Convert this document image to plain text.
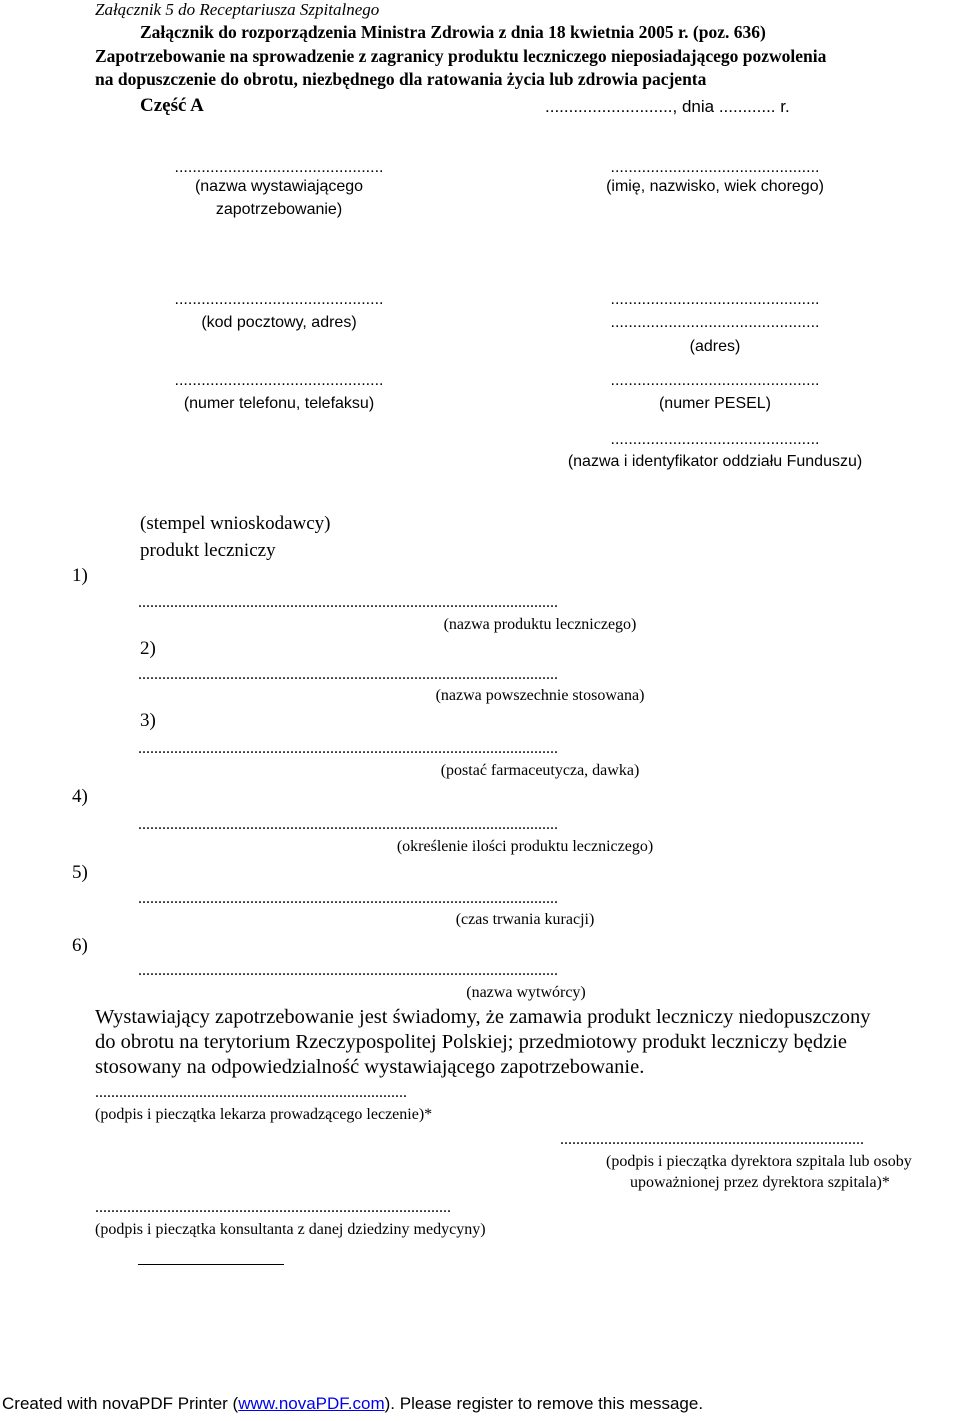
Załącznik 5 do Receptariusza Szpitalnego
Załącznik do rozporządzenia Ministra Zdrowia z dnia 18 kwietnia 2005 r. (poz. 636)
Zapotrzebowanie na sprowadzenie z zagranicy produktu leczniczego nieposiadającego pozwolenia
na dopuszczenie do obrotu, niezbędnego dla ratowania życia lub zdrowia pacjenta
Część A	..........................., dnia ............ r.
...............................................
(nazwa wystawiającego
zapotrzebowanie)
...............................................
(kod pocztowy, adres)
...............................................
(numer telefonu, telefaksu)
...............................................
(imię, nazwisko, wiek chorego)
...............................................
...............................................
(adres)
...............................................
(numer PESEL)
...............................................
(nazwa i identyfikator oddziału Funduszu)
(stempel wnioskodawcy)
produkt leczniczy
1)
.........................................................................................................
(nazwa produktu leczniczego)
2)
.........................................................................................................
(nazwa powszechnie stosowana)
3)
.........................................................................................................
(postać farmaceutycza, dawka)
4)
.........................................................................................................
(określenie ilości produktu leczniczego)
5)
.........................................................................................................
(czas trwania kuracji)
6)
.........................................................................................................
(nazwa wytwórcy)
Wystawiający zapotrzebowanie jest świadomy, że zamawia produkt leczniczy niedopuszczony
do obrotu na terytorium Rzeczypospolitej Polskiej; przedmiotowy produkt leczniczy będzie
stosowany na odpowiedzialność wystawiającego zapotrzebowanie.
..............................................................................
(podpis i pieczątka lekarza prowadzącego leczenie)*
............................................................................
(podpis i pieczątka dyrektora szpitala lub osoby
upoważnionej przez dyrektora szpitala)*
.........................................................................................
(podpis i pieczątka konsultanta z danej dziedziny medycyny)
Created with novaPDF Printer (www.novaPDF.com). Please register to remove this message.
